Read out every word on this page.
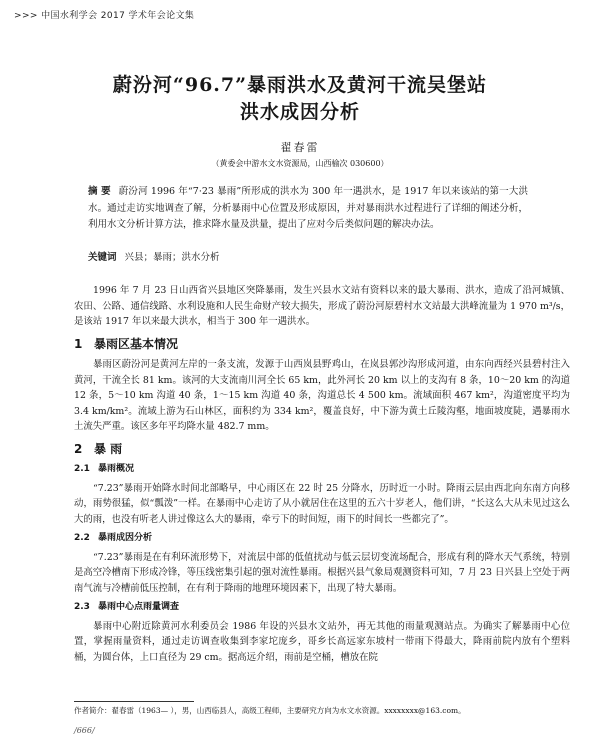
>>> 中国水利学会 2017 学术年会论文集
蔚汾河“96.7”暴雨洪水及黄河干流吴堡站
洪水成因分析
翟春雷
（黄委会中游水文水资源局，山西榆次 030600）
摘 要 蔚汾河 1996 年“7·23 暴雨”所形成的洪水为 300 年一遇洪水，是 1917 年以来该站的第一大洪水。通过走访实地调查了解，分析暴雨中心位置及形成原因，并对暴雨洪水过程进行了详细的阐述分析，利用水文分析计算方法，推求降水量及洪量，提出了应对今后类似问题的解决办法。
关键词 兴县；暴雨；洪水分析

1996 年 7 月 23 日山西省兴县地区突降暴雨，发生兴县水文站有资料以来的最大暴雨、洪水，造成了沿河城镇、农田、公路、通信线路、水利设施和人民生命财产较大损失，形成了蔚汾河原碧村水文站最大洪峰流量为 1 970 m³/s，是该站 1917 年以来最大洪水，相当于 300 年一遇洪水。

1 暴雨区基本情况

暴雨区蔚汾河是黄河左岸的一条支流，发源于山西岚县野鸡山，在岚县郭沙沟形成河道，由东向西经兴县碧村注入黄河，干流全长 81 km。该河的大支流南川河全长 65 km，此外河长 20 km 以上的支沟有 8 条，10～20 km 的沟道 12 条，5～10 km 沟道 40 条，1～15 km 沟道 40 条，沟道总长 4 500 km。流域面积 467 km²，沟道密度平均为 3.4 km/km²。流域上游为石山林区，面积约为 334 km²，覆盖良好，中下游为黄土丘陵沟壑，地面坡度陡，遇暴雨水土流失严重。该区多年平均降水量 482.7 mm。

2 暴 雨
2.1 暴雨概况

“7.23”暴雨开始降水时间北部略早，中心雨区在 22 时 25 分降水，历时近一小时。降雨云层由西北向东南方向移动，雨势很猛，似“瓢泼”一样。在暴雨中心走访了从小就居住在这里的五六十岁老人，他们讲，“长这么大从未见过这么大的雨，也没有听老人讲过像这么大的暴雨，牵亏下的时间短，雨下的时间长一些都完了”。

2.2 暴雨成因分析

“7.23”暴雨是在有利环流形势下，对流层中部的低值扰动与低云层切变流场配合，形成有利的降水天气系统，特别是高空冷槽南下形成冷锋，等压线密集引起的强对流性暴雨。根据兴县气象局观测资料可知，7 月 23 日兴县上空处于两南气流与冷槽前低压控制，在有利于降雨的地理环境因素下，出现了特大暴雨。

2.3 暴雨中心点雨量调查

暴雨中心附近除黄河水利委员会 1986 年设的兴县水文站外，再无其他的雨量观测站点。为确实了解暴雨中心位置，掌握雨量资料，通过走访调查收集到李家坨庞乡，哥乡长高远家东坡村一带雨下得最大，降雨前院内放有个塑料桶，为圆台体，上口直径为 29 cm。据高远介绍，雨前是空桶，槽放在院

作者简介：翟春雷（1963— ），男，山西临县人，高级工程师，主要研究方向为水文水资源。xxxxxxxx@163.com。
/666/
